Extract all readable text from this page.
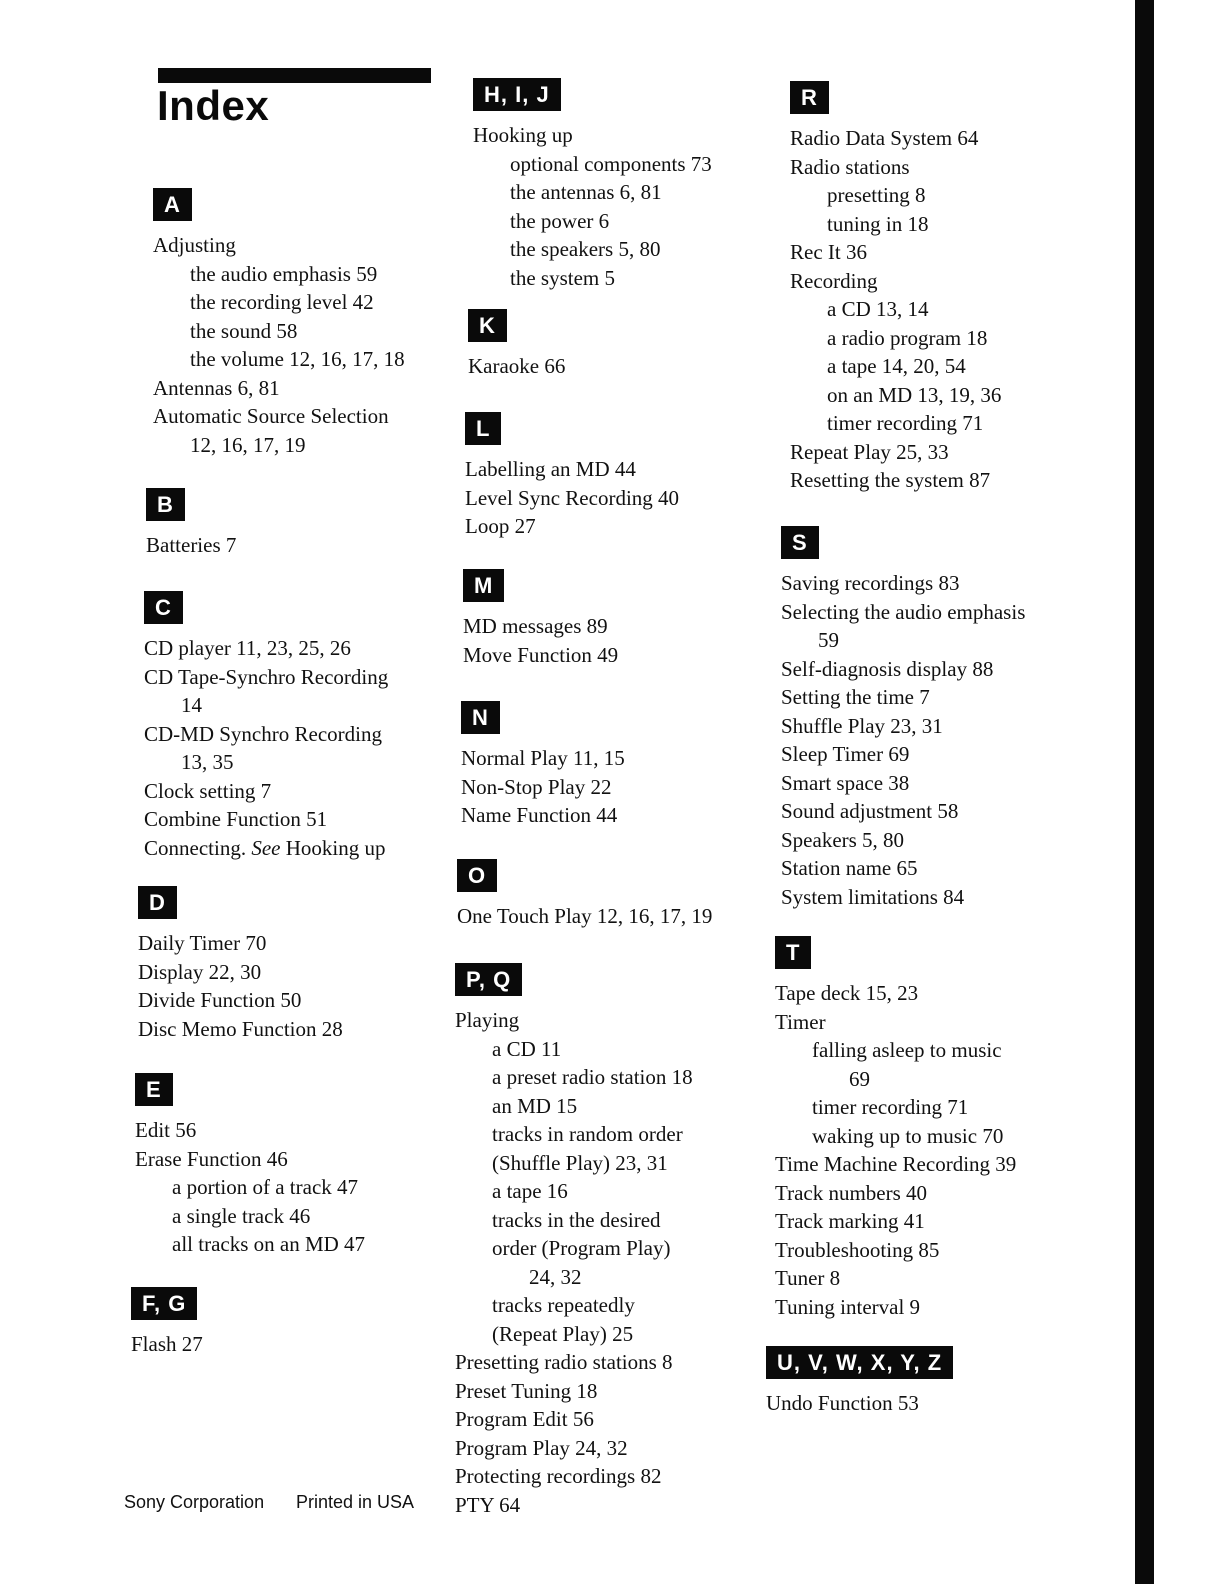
Index
A
Adjusting
the audio emphasis 59
the recording level 42
the sound 58
the volume 12, 16, 17, 18
Antennas 6, 81
Automatic Source Selection
12, 16, 17, 19
B
Batteries 7
C
CD player 11, 23, 25, 26
CD Tape-Synchro Recording
14
CD-MD Synchro Recording
13, 35
Clock setting 7
Combine Function 51
Connecting. See Hooking up
D
Daily Timer 70
Display 22, 30
Divide Function 50
Disc Memo Function 28
E
Edit 56
Erase Function 46
a portion of a track 47
a single track 46
all tracks on an MD 47
F, G
Flash 27
H, I, J
Hooking up
optional components 73
the antennas 6, 81
the power 6
the speakers 5, 80
the system 5
K
Karaoke 66
L
Labelling an MD 44
Level Sync Recording 40
Loop 27
M
MD messages 89
Move Function 49
N
Normal Play 11, 15
Non-Stop Play 22
Name Function 44
O
One Touch Play 12, 16, 17, 19
P, Q
Playing
a CD 11
a preset radio station 18
an MD 15
tracks in random order
(Shuffle Play) 23, 31
a tape 16
tracks in the desired
order (Program Play)
24, 32
tracks repeatedly
(Repeat Play) 25
Presetting radio stations 8
Preset Tuning 18
Program Edit 56
Program Play 24, 32
Protecting recordings 82
PTY 64
R
Radio Data System 64
Radio stations
presetting 8
tuning in 18
Rec It 36
Recording
a CD 13, 14
a radio program 18
a tape 14, 20, 54
on an MD 13, 19, 36
timer recording 71
Repeat Play 25, 33
Resetting the system 87
S
Saving recordings 83
Selecting the audio emphasis
59
Self-diagnosis display 88
Setting the time 7
Shuffle Play 23, 31
Sleep Timer 69
Smart space 38
Sound adjustment 58
Speakers 5, 80
Station name 65
System limitations 84
T
Tape deck 15, 23
Timer
falling asleep to music
69
timer recording 71
waking up to music 70
Time Machine Recording 39
Track numbers 40
Track marking 41
Troubleshooting 85
Tuner 8
Tuning interval 9
U, V, W, X, Y, Z
Undo Function 53
Sony Corporation Printed in USA
